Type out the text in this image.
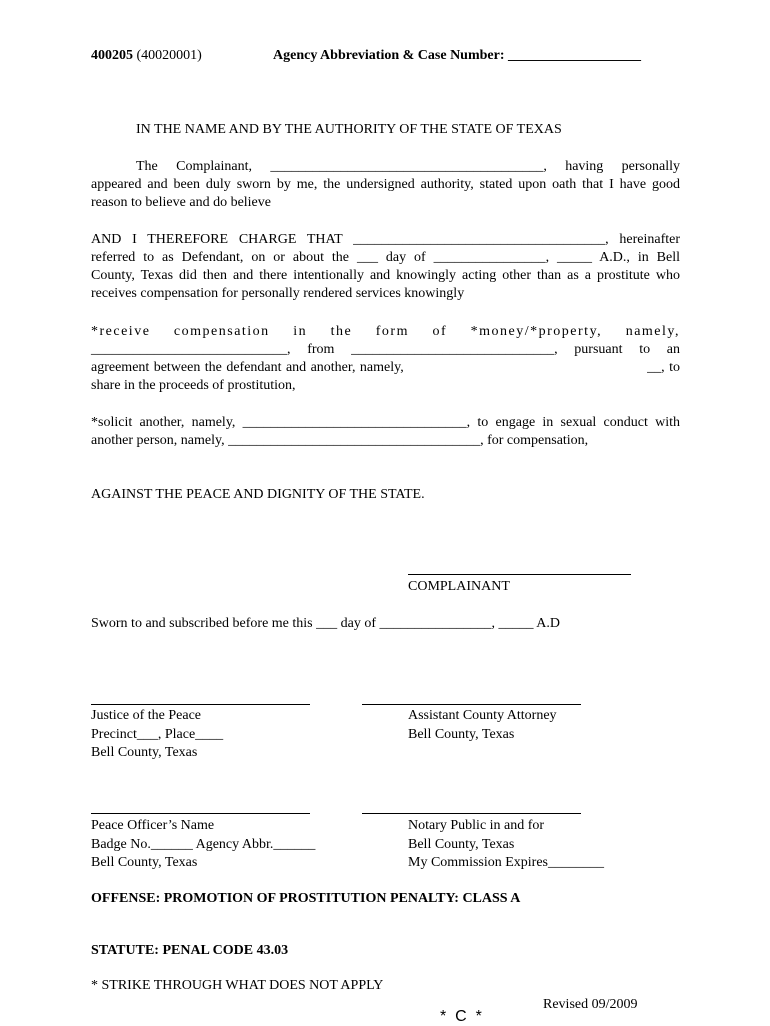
400205 (40020001)	Agency Abbreviation & Case Number: ___________________
IN THE NAME AND BY THE AUTHORITY OF THE STATE OF TEXAS
The Complainant, _______________________________________, having personally
appeared and been duly sworn by me, the undersigned authority, stated upon oath that I have good
reason to believe and do believe
AND I THEREFORE CHARGE THAT ____________________________________, hereinafter
referred to as Defendant, on or about the ___ day of ________________, _____ A.D., in Bell
County, Texas did then and there intentionally and knowingly acting other than as a prostitute who
receives compensation for personally rendered services knowingly
*receive compensation in the form of *money/*property, namely,
____________________________, from _____________________________, pursuant to an
agreement between the defendant and another, namely,                                                       __, to
share in the proceeds of prostitution,
*solicit another, namely, ________________________________, to engage in sexual conduct with
another person, namely, ____________________________________, for compensation,
AGAINST THE PEACE AND DIGNITY OF THE STATE.
COMPLAINANT
Sworn to and subscribed before me this ___ day of ________________, _____ A.D
Justice of the Peace
Precinct___, Place____
Bell County, Texas
Assistant County Attorney
Bell County, Texas
Peace Officer’s Name
Badge No.______ Agency Abbr.______
Bell County, Texas
Notary Public in and for
Bell County, Texas
My Commission Expires________
OFFENSE: PROMOTION OF PROSTITUTION PENALTY: CLASS A
STATUTE: PENAL CODE 43.03
* STRIKE THROUGH WHAT DOES NOT APPLY
Revised 09/2009
*  C  *
